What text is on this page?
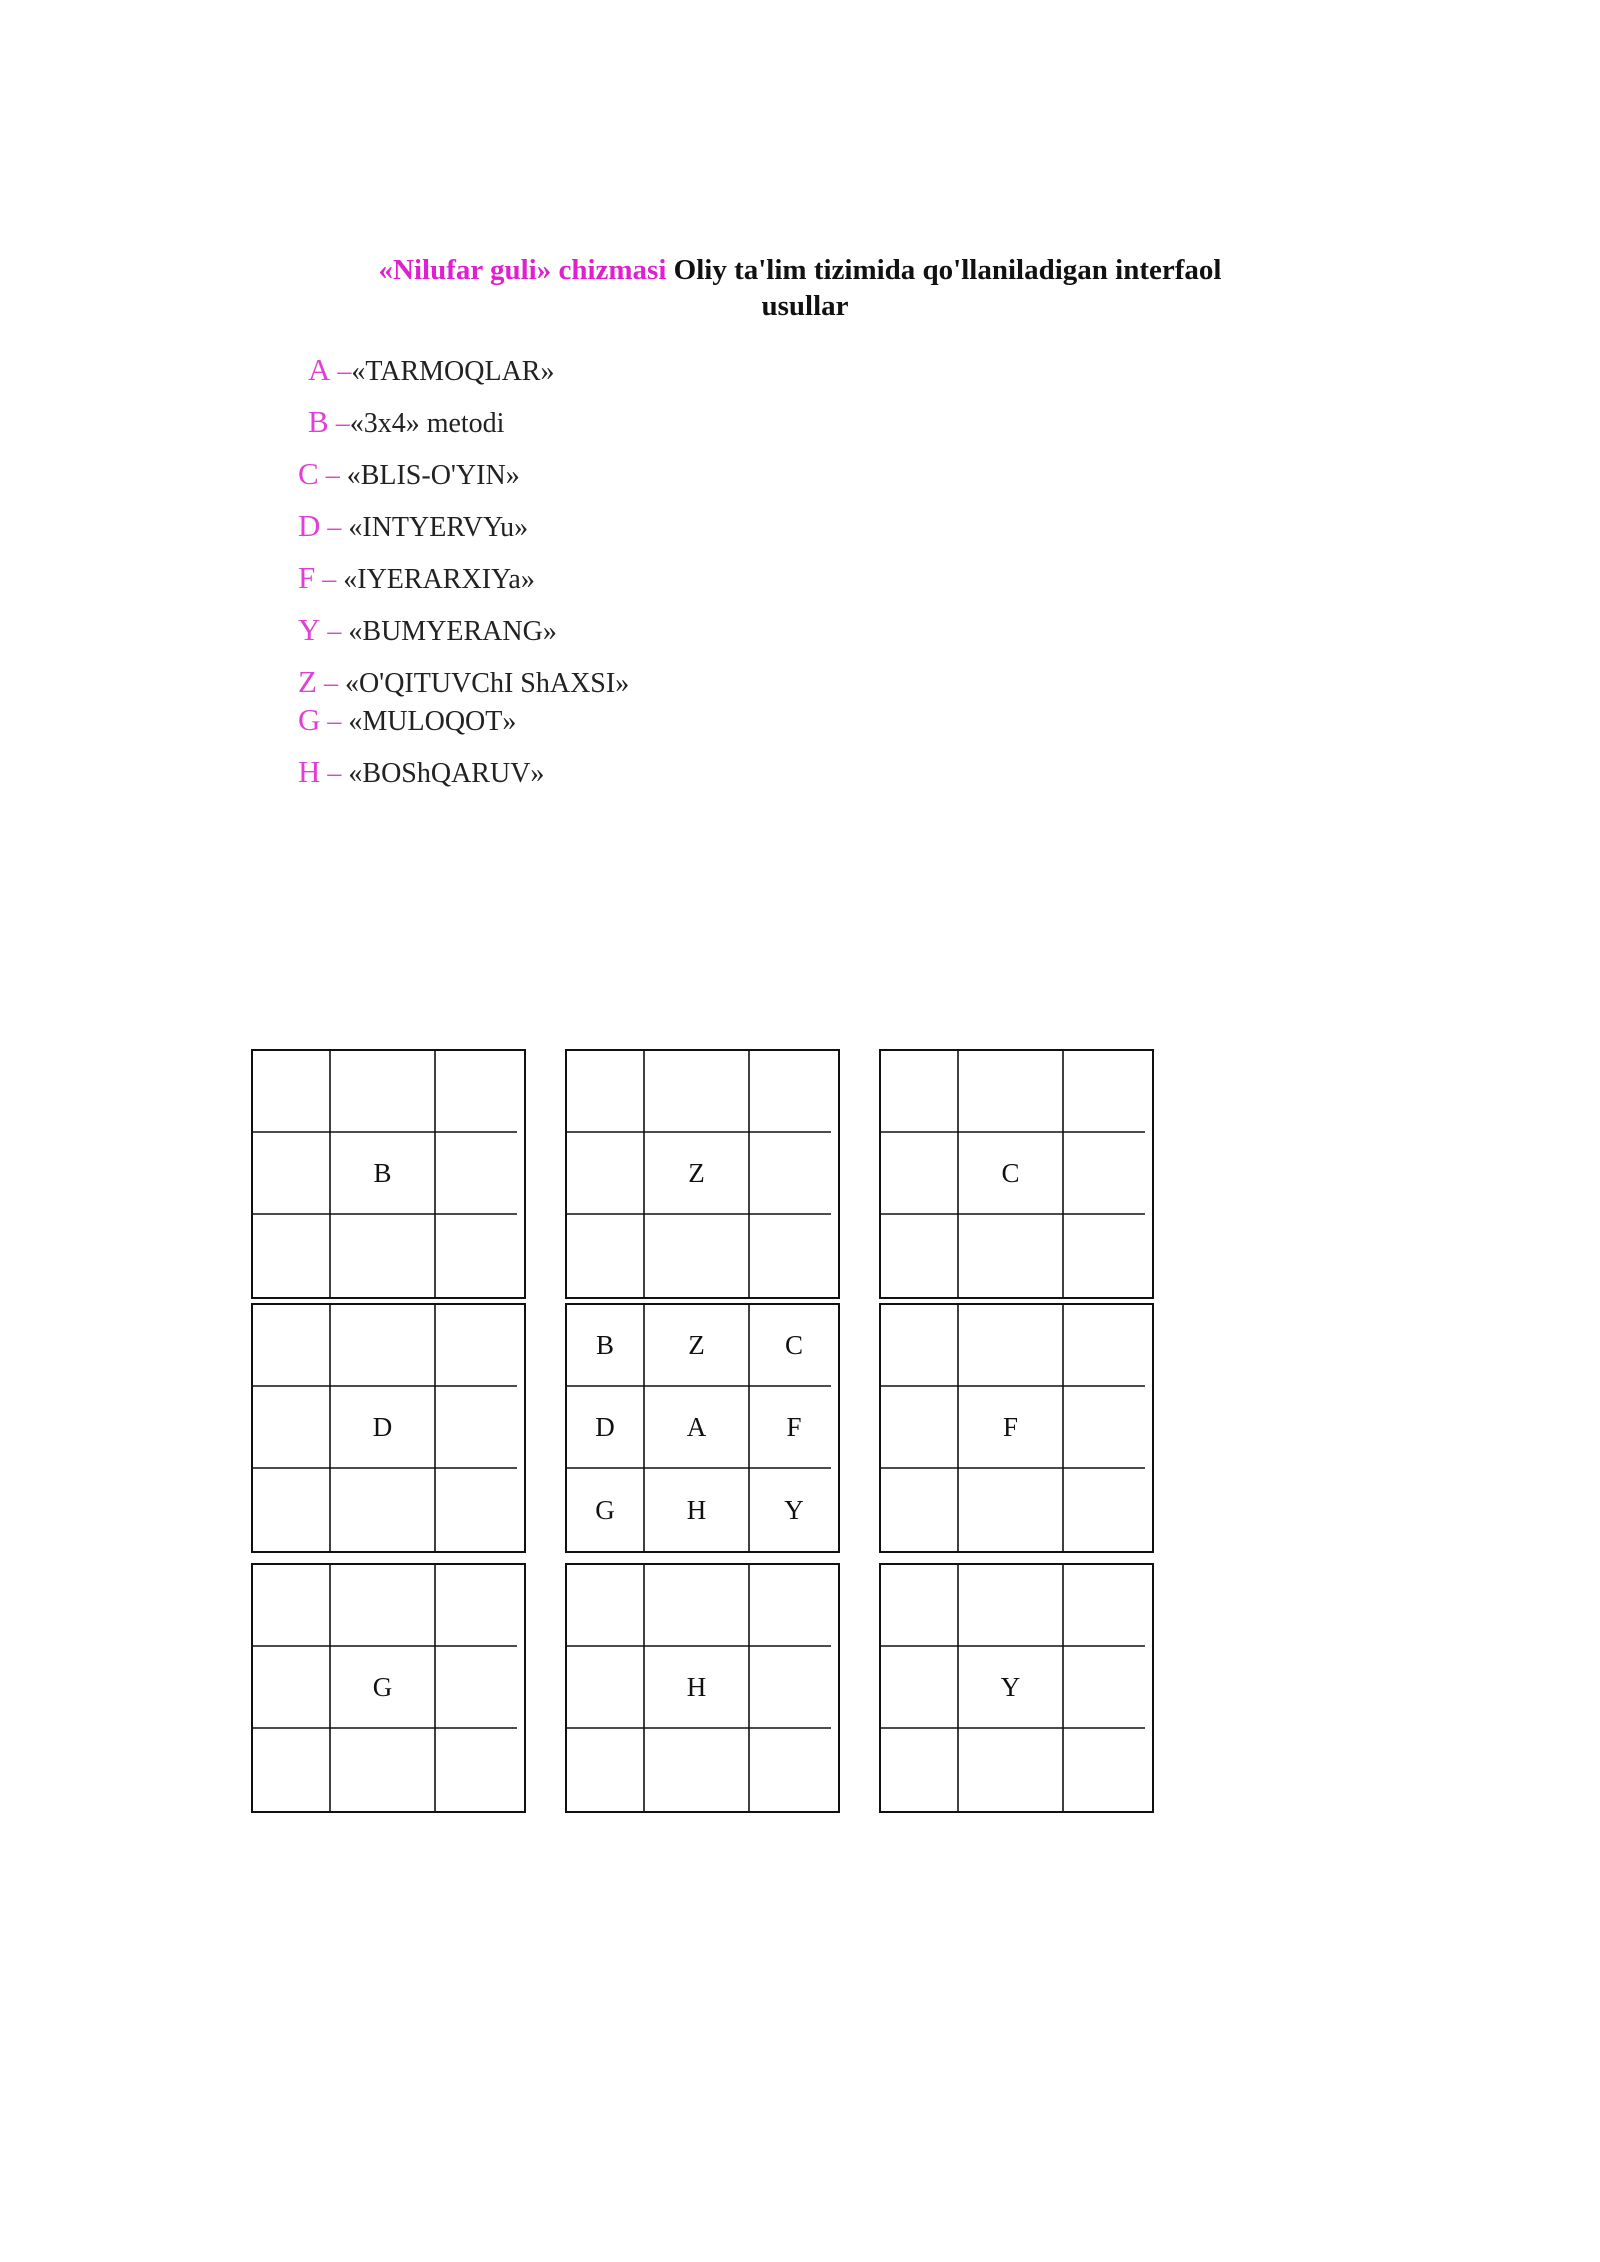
«Nilufar guli» chizmasi Oliy ta'lim tizimida qo'llaniladigan interfaol
usullar
A –«TARMOQLAR»
B –«3x4» metodi
C – «BLIS-O'YIN»
D – «INTYERVYu»
F – «IYERARXIYa»
Y – «BUMYERANG»
Z – «O'QITUVChI ShAXSI»
G – «MULOQOT»
H – «BOShQARUV»
B	Z	C
D
B	Z	C
D	A	F
G	H	Y
F
G	H	Y
